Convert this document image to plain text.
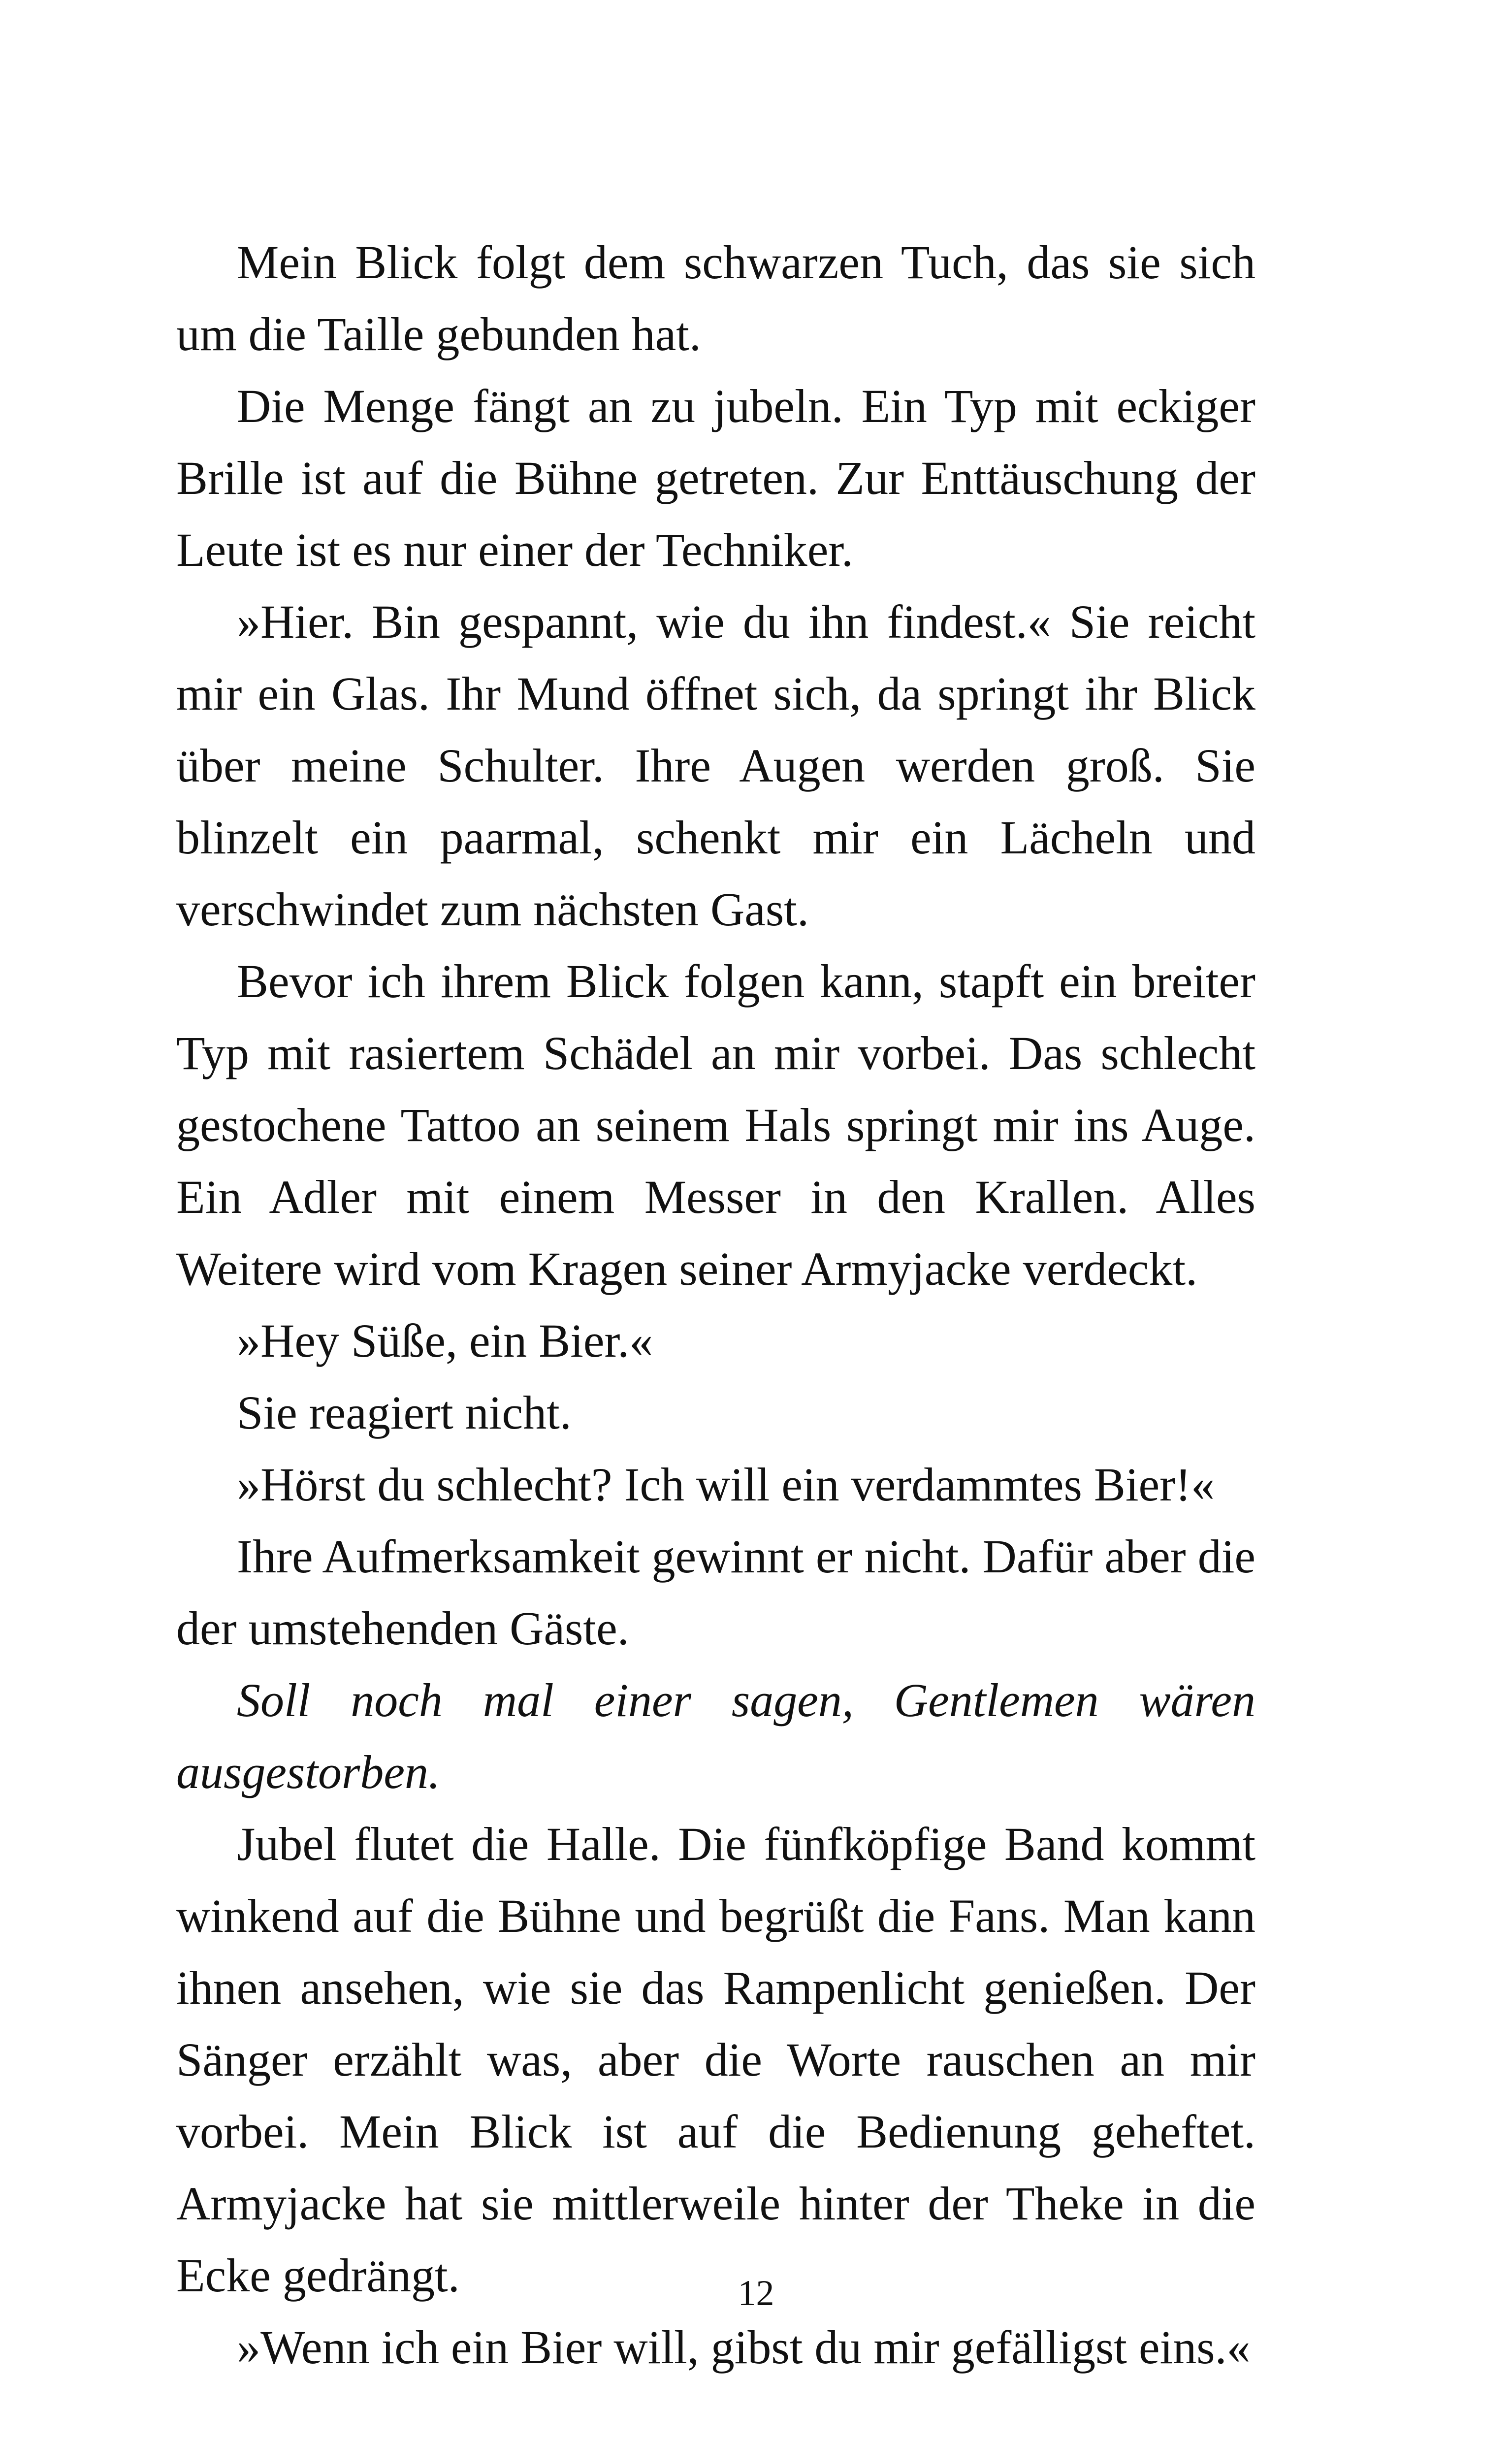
Mein Blick folgt dem schwarzen Tuch, das sie sich um die Taille gebunden hat.

Die Menge fängt an zu jubeln. Ein Typ mit eckiger Brille ist auf die Bühne getreten. Zur Enttäuschung der Leute ist es nur einer der Techniker.

»Hier. Bin gespannt, wie du ihn findest.« Sie reicht mir ein Glas. Ihr Mund öffnet sich, da springt ihr Blick über meine Schulter. Ihre Augen werden groß. Sie blinzelt ein paarmal, schenkt mir ein Lächeln und verschwindet zum nächsten Gast.

Bevor ich ihrem Blick folgen kann, stapft ein breiter Typ mit rasiertem Schädel an mir vorbei. Das schlecht gestochene Tattoo an seinem Hals springt mir ins Auge. Ein Adler mit einem Messer in den Krallen. Alles Weitere wird vom Kragen seiner Armyjacke verdeckt.

»Hey Süße, ein Bier.«

Sie reagiert nicht.

»Hörst du schlecht? Ich will ein verdammtes Bier!«

Ihre Aufmerksamkeit gewinnt er nicht. Dafür aber die der umstehenden Gäste.

Soll noch mal einer sagen, Gentlemen wären ausgestorben.

Jubel flutet die Halle. Die fünfköpfige Band kommt winkend auf die Bühne und begrüßt die Fans. Man kann ihnen ansehen, wie sie das Rampenlicht genießen. Der Sänger erzählt was, aber die Worte rauschen an mir vorbei. Mein Blick ist auf die Bedienung geheftet. Armyjacke hat sie mittlerweile hinter der Theke in die Ecke gedrängt.

»Wenn ich ein Bier will, gibst du mir gefälligst eins.«

12
